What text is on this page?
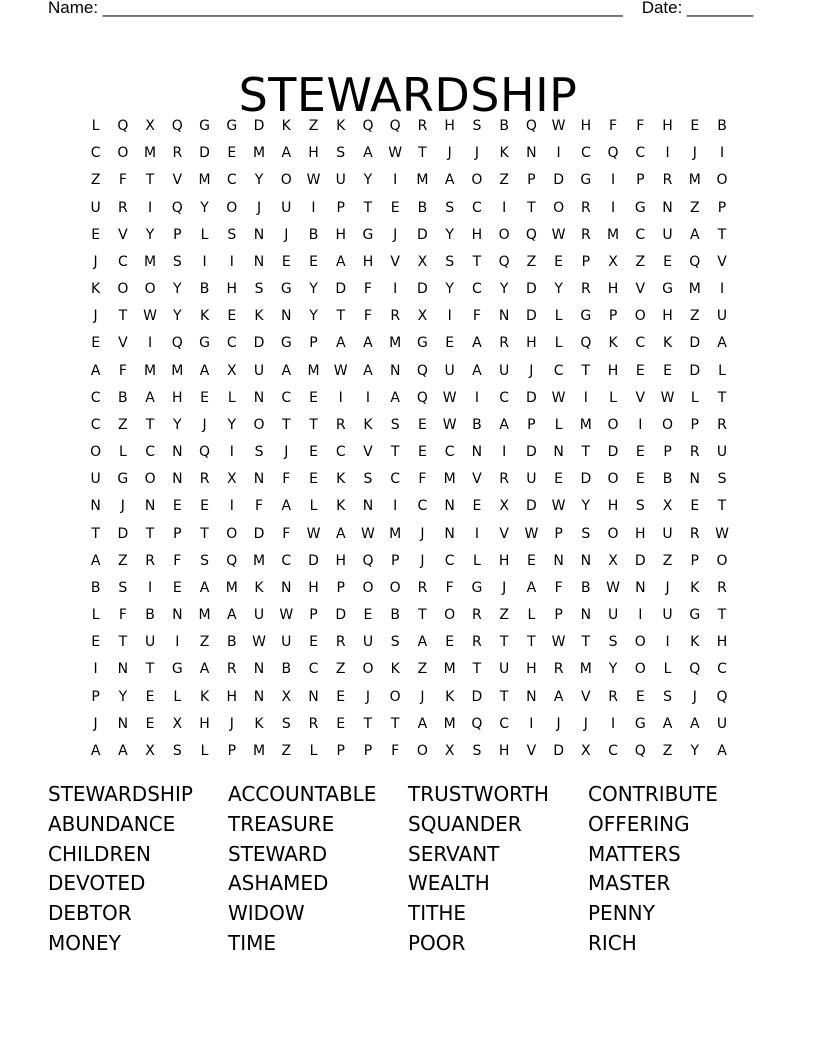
Name: _______________________________________________________    Date: _______
STEWARDSHIP
L	Q	X	Q	G	G	D	K	Z	K	Q	Q	R	H	S	B	Q	W	H	F	F	H	E	B
C	O	M	R	D	E	M	A	H	S	A	W	T	J	J	K	N	I	C	Q	C	I	J	I
Z	F	T	V	M	C	Y	O	W	U	Y	I	M	A	O	Z	P	D	G	I	P	R	M	O
U	R	I	Q	Y	O	J	U	I	P	T	E	B	S	C	I	T	O	R	I	G	N	Z	P
E	V	Y	P	L	S	N	J	B	H	G	J	D	Y	H	O	Q	W	R	M	C	U	A	T
J	C	M	S	I	I	N	E	E	A	H	V	X	S	T	Q	Z	E	P	X	Z	E	Q	V
K	O	O	Y	B	H	S	G	Y	D	F	I	D	Y	C	Y	D	Y	R	H	V	G	M	I
J	T	W	Y	K	E	K	N	Y	T	F	R	X	I	F	N	D	L	G	P	O	H	Z	U
E	V	I	Q	G	C	D	G	P	A	A	M	G	E	A	R	H	L	Q	K	C	K	D	A
A	F	M	M	A	X	U	A	M	W	A	N	Q	U	A	U	J	C	T	H	E	E	D	L
C	B	A	H	E	L	N	C	E	I	I	A	Q	W	I	C	D	W	I	L	V	W	L	T
C	Z	T	Y	J	Y	O	T	T	R	K	S	E	W	B	A	P	L	M	O	I	O	P	R
O	L	C	N	Q	I	S	J	E	C	V	T	E	C	N	I	D	N	T	D	E	P	R	U
U	G	O	N	R	X	N	F	E	K	S	C	F	M	V	R	U	E	D	O	E	B	N	S
N	J	N	E	E	I	F	A	L	K	N	I	C	N	E	X	D	W	Y	H	S	X	E	T
T	D	T	P	T	O	D	F	W	A	W	M	J	N	I	V	W	P	S	O	H	U	R	W
A	Z	R	F	S	Q	M	C	D	H	Q	P	J	C	L	H	E	N	N	X	D	Z	P	O
B	S	I	E	A	M	K	N	H	P	O	O	R	F	G	J	A	F	B	W	N	J	K	R
L	F	B	N	M	A	U	W	P	D	E	B	T	O	R	Z	L	P	N	U	I	U	G	T
E	T	U	I	Z	B	W	U	E	R	U	S	A	E	R	T	T	W	T	S	O	I	K	H
I	N	T	G	A	R	N	B	C	Z	O	K	Z	M	T	U	H	R	M	Y	O	L	Q	C
P	Y	E	L	K	H	N	X	N	E	J	O	J	K	D	T	N	A	V	R	E	S	J	Q
J	N	E	X	H	J	K	S	R	E	T	T	A	M	Q	C	I	J	J	I	G	A	A	U
A	A	X	S	L	P	M	Z	L	P	P	F	O	X	S	H	V	D	X	C	Q	Z	Y	A
STEWARDSHIP	ACCOUNTABLE	TRUSTWORTH	CONTRIBUTE
ABUNDANCE	TREASURE	SQUANDER	OFFERING
CHILDREN	STEWARD	SERVANT	MATTERS
DEVOTED	ASHAMED	WEALTH	MASTER
DEBTOR	WIDOW	TITHE	PENNY
MONEY	TIME	POOR	RICH
